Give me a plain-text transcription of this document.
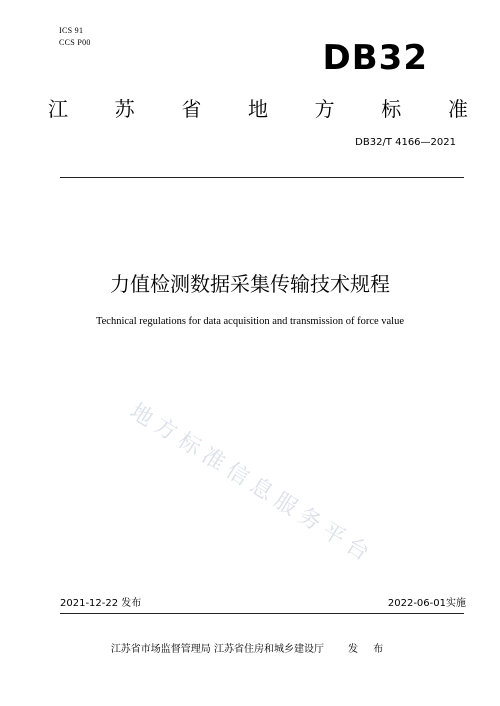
ICS 91
CCS P00	DB32
江 苏 省 地 方 标 准
DB32/T 4166—2021
力值检测数据采集传输技术规程
Technical regulations for data acquisition and transmission of force value
地
方
标
准
信
息
服
务
平
台
2021-12-22 发布	2022-06-01实施
江苏省市场监督管理局 江苏省住房和城乡建设厅 发 布
